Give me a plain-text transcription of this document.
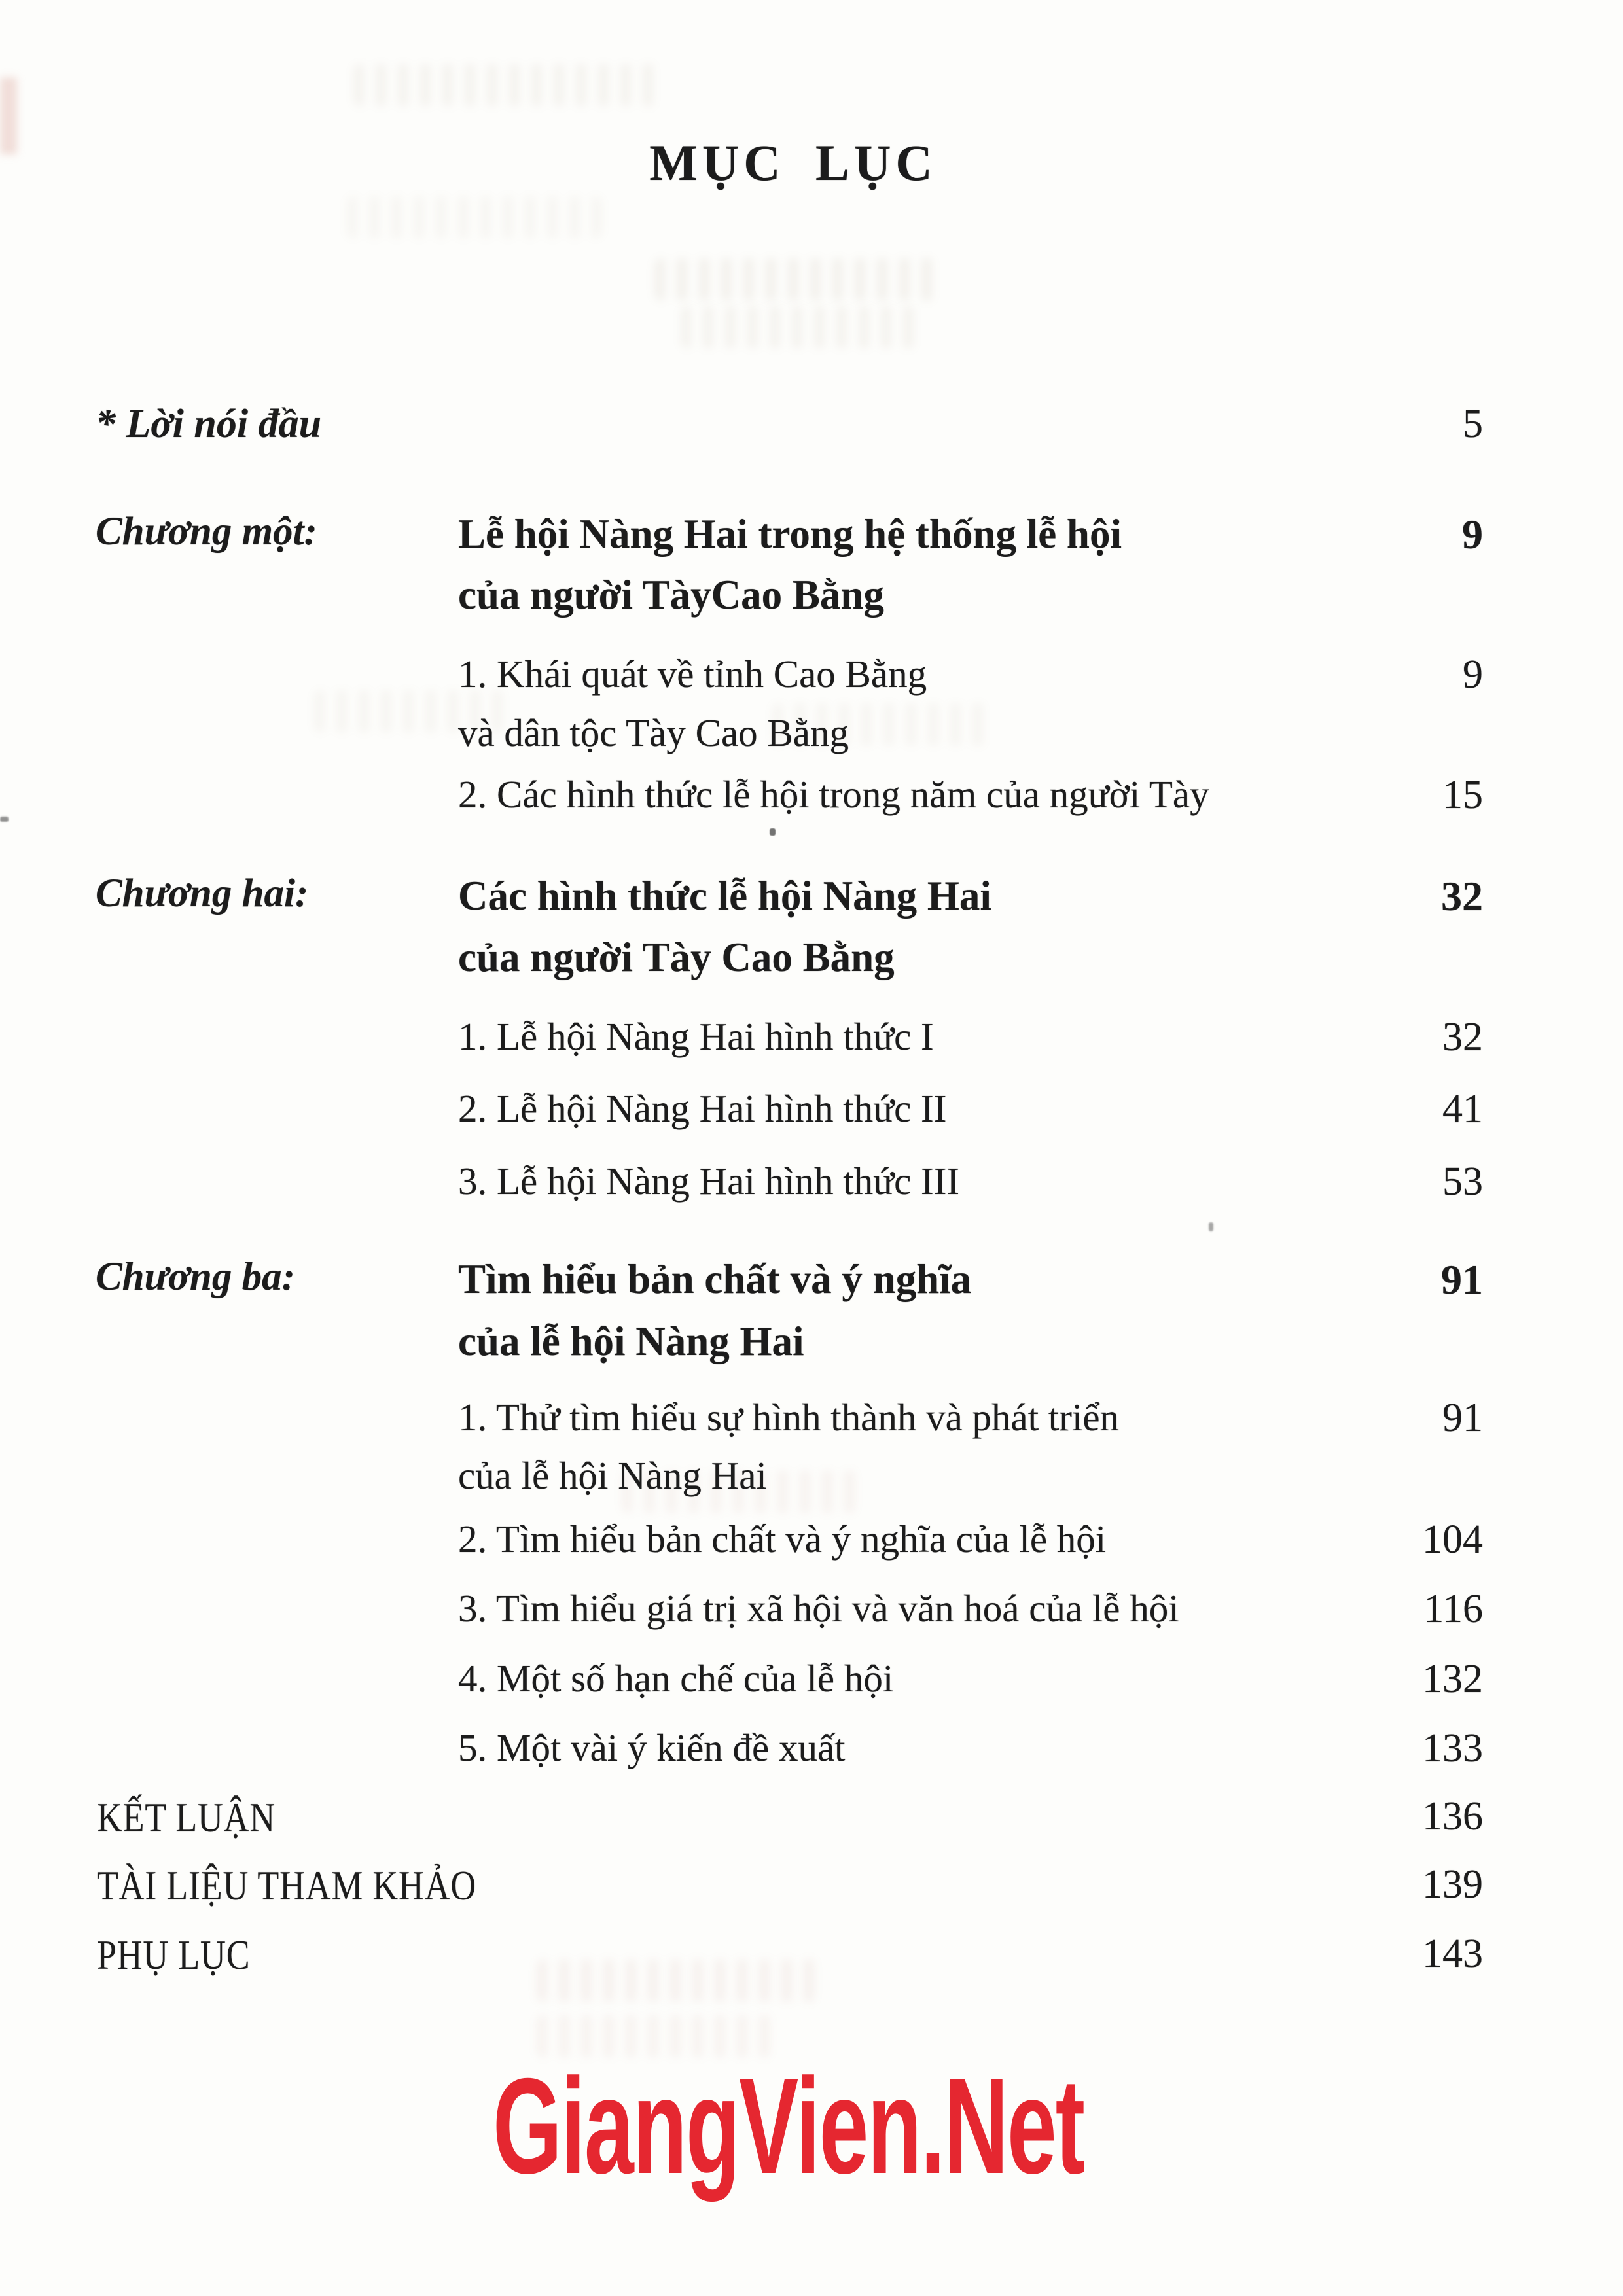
MỤC LỤC
* Lời nói đầu	5
Chương một:	Lễ hội Nàng Hai trong hệ thống lễ hội	9
của người TàyCao Bằng
1. Khái quát về tỉnh Cao Bằng	9
và dân tộc Tày Cao Bằng
2. Các hình thức lễ hội trong năm của người Tày	15
Chương hai:	Các hình thức lễ hội Nàng Hai	32
của người Tày Cao Bằng
1. Lễ hội Nàng Hai hình thức I	32
2. Lễ hội Nàng Hai hình thức II	41
3. Lễ hội Nàng Hai hình thức III	53
Chương ba:	Tìm hiểu bản chất và ý nghĩa	91
của lễ hội Nàng Hai
1. Thử tìm hiểu sự hình thành và phát triển	91
của lễ hội Nàng Hai
2. Tìm hiểu bản chất và ý nghĩa của lễ hội	104
3. Tìm hiểu giá trị xã hội và văn hoá của lễ hội	116
4. Một số hạn chế của lễ hội	132
5. Một vài ý kiến đề xuất	133
KẾT LUẬN	136
TÀI LIỆU THAM KHẢO	139
PHỤ LỤC	143
GiangVien.Net
